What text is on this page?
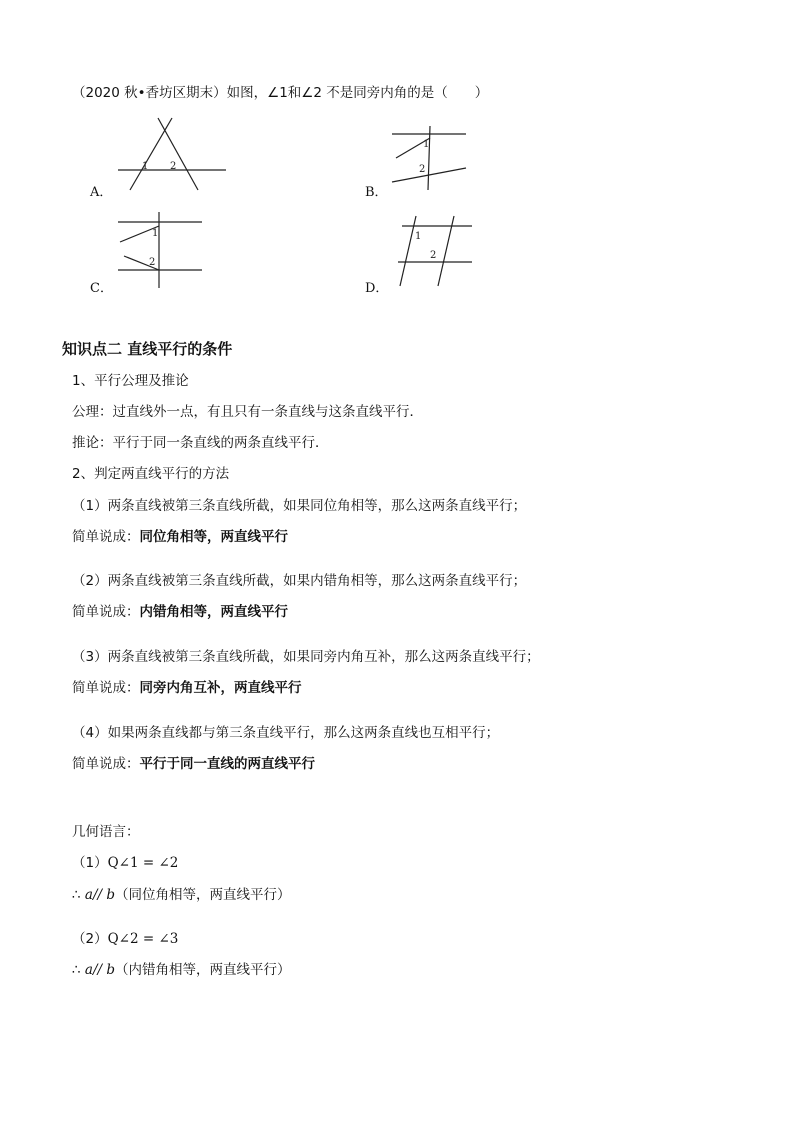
（2020 秋•香坊区期末）如图，∠1和∠2 不是同旁内角的是（　　）
1 2
A．
1
2
B．
1
2
C．
1
2
D．
知识点二 直线平行的条件
1、平行公理及推论
公理：过直线外一点，有且只有一条直线与这条直线平行．
推论：平行于同一条直线的两条直线平行．
2、判定两直线平行的方法
（1）两条直线被第三条直线所截，如果同位角相等，那么这两条直线平行；
简单说成：同位角相等，两直线平行
（2）两条直线被第三条直线所截，如果内错角相等，那么这两条直线平行；
简单说成：内错角相等，两直线平行
（3）两条直线被第三条直线所截，如果同旁内角互补，那么这两条直线平行；
简单说成：同旁内角互补，两直线平行
（4）如果两条直线都与第三条直线平行，那么这两条直线也互相平行；
简单说成：平行于同一直线的两直线平行
几何语言：
（1）Q∠1 = ∠2
∴ a// b（同位角相等，两直线平行）
（2）Q∠2 = ∠3
∴ a// b（内错角相等，两直线平行）
